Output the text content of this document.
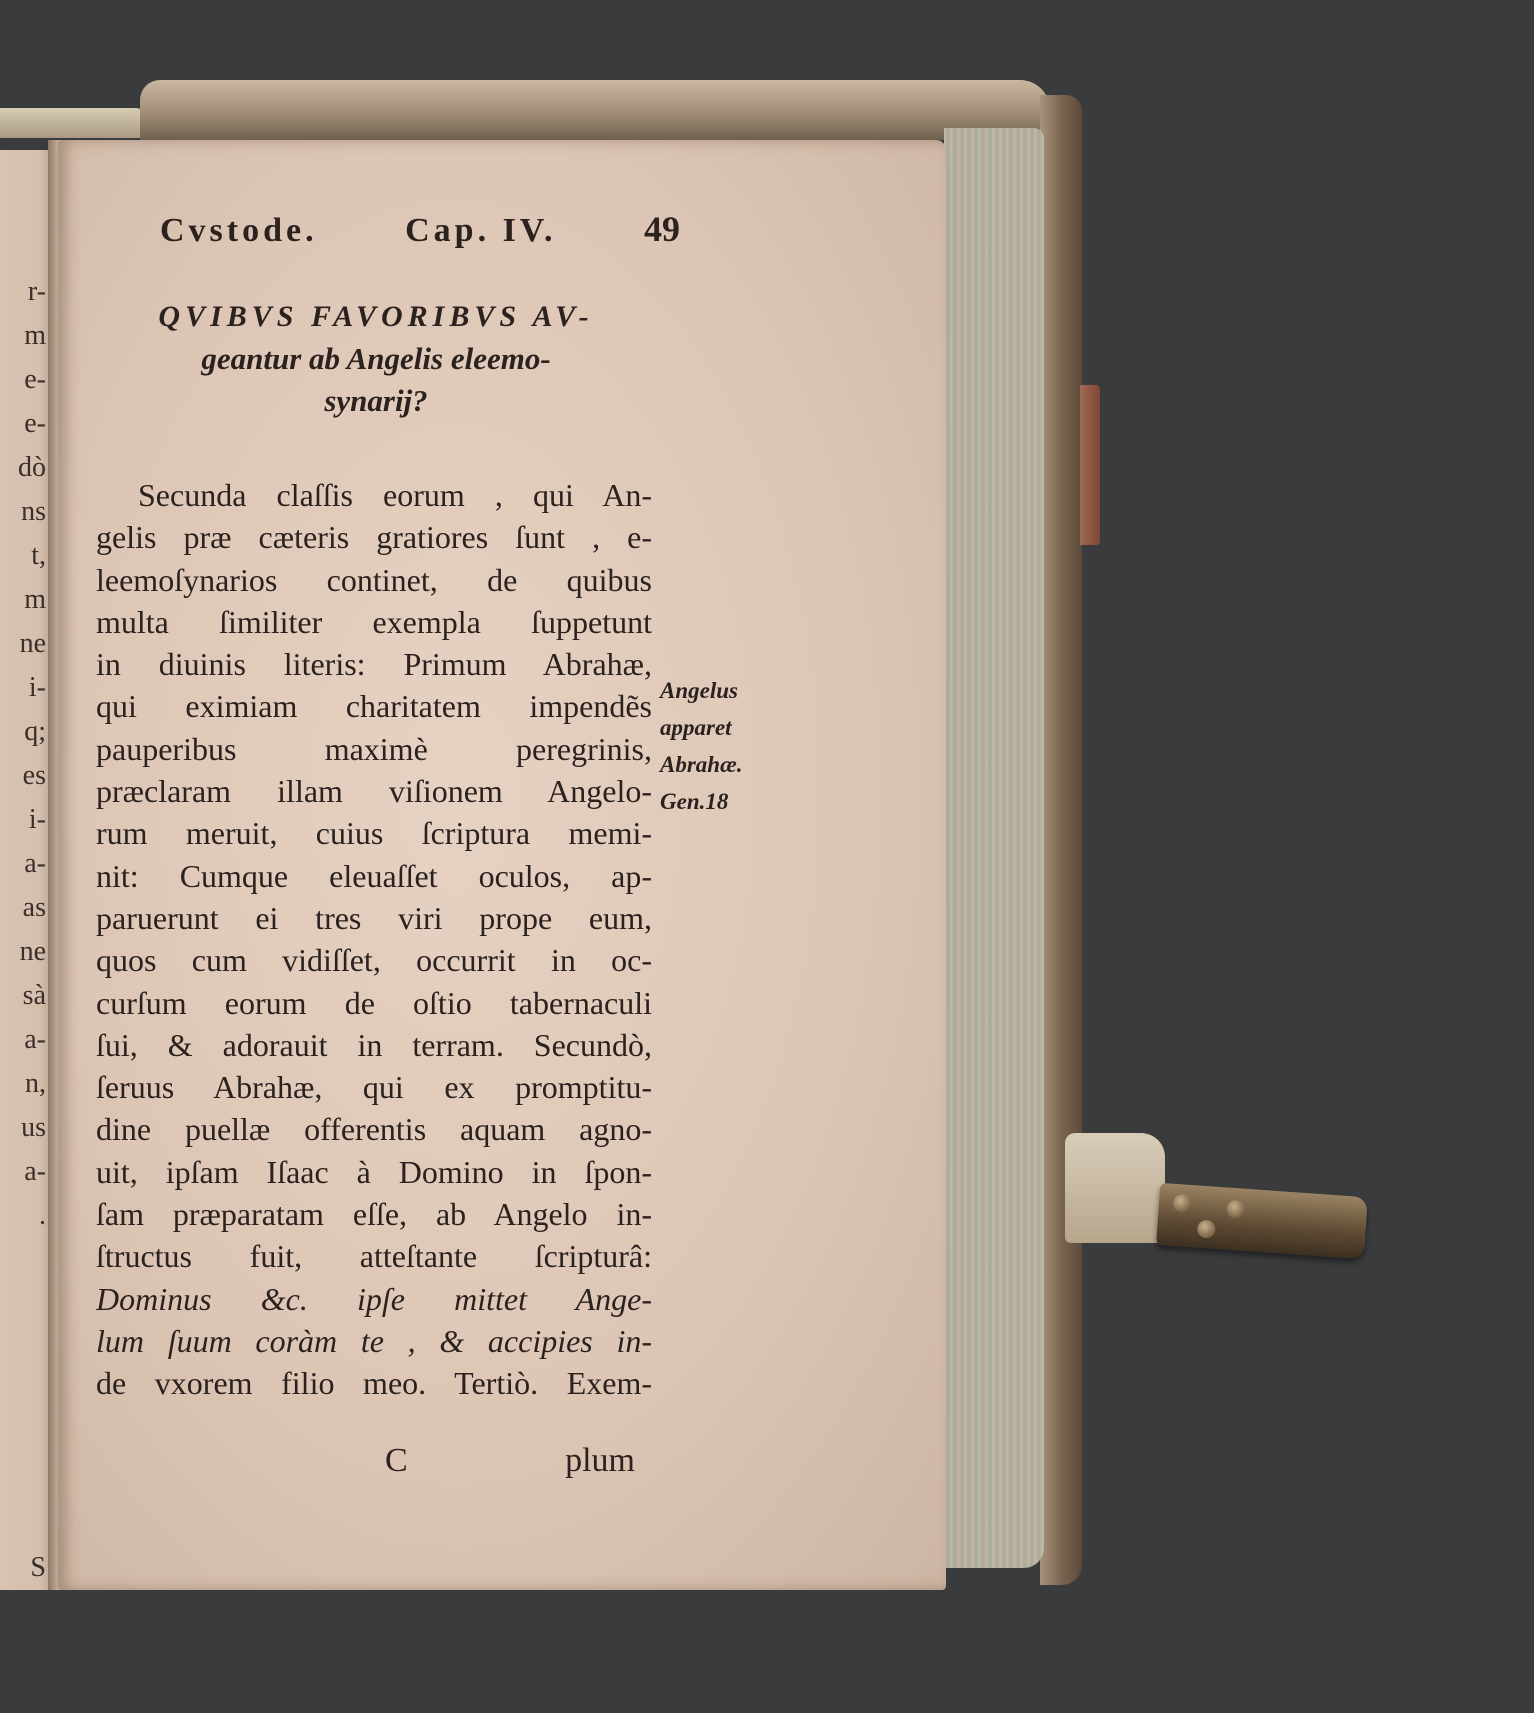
r-
m
e-
e-
dò
ns
t,
m
ne
i-
q;
es
i-
a-
as
ne
sà
a-
n,
us
a-
.
S
Cvstode.	Cap. IV. 49
QVIBVS FAVORIBVS AV-
geantur ab Angelis eleemo-
synarij?
Secunda claſſis eorum , qui An-
gelis præ cæteris gratiores ſunt , e-
leemoſynarios continet, de quibus
multa ſimiliter exempla ſuppetunt
in diuinis literis: Primum Abrahæ,
qui eximiam charitatem impendẽs
pauperibus maximè peregrinis,
præclaram illam viſionem Angelo-
rum meruit, cuius ſcriptura memi-
nit: Cumque eleuaſſet oculos, ap-
paruerunt ei tres viri prope eum,
quos cum vidiſſet, occurrit in oc-
curſum eorum de oſtio tabernaculi
ſui, & adorauit in terram. Secundò,
ſeruus Abrahæ, qui ex promptitu-
dine puellæ offerentis aquam agno-
uit, ipſam Iſaac à Domino in ſpon-
ſam præparatam eſſe, ab Angelo in-
ſtructus fuit, atteſtante ſcripturâ:
Dominus &c. ipſe mittet Ange-
lum ſuum coràm te , & accipies in-
de vxorem filio meo. Tertiò. Exem-
Angelus
apparet
Abrahæ.
Gen.18
C	plum
